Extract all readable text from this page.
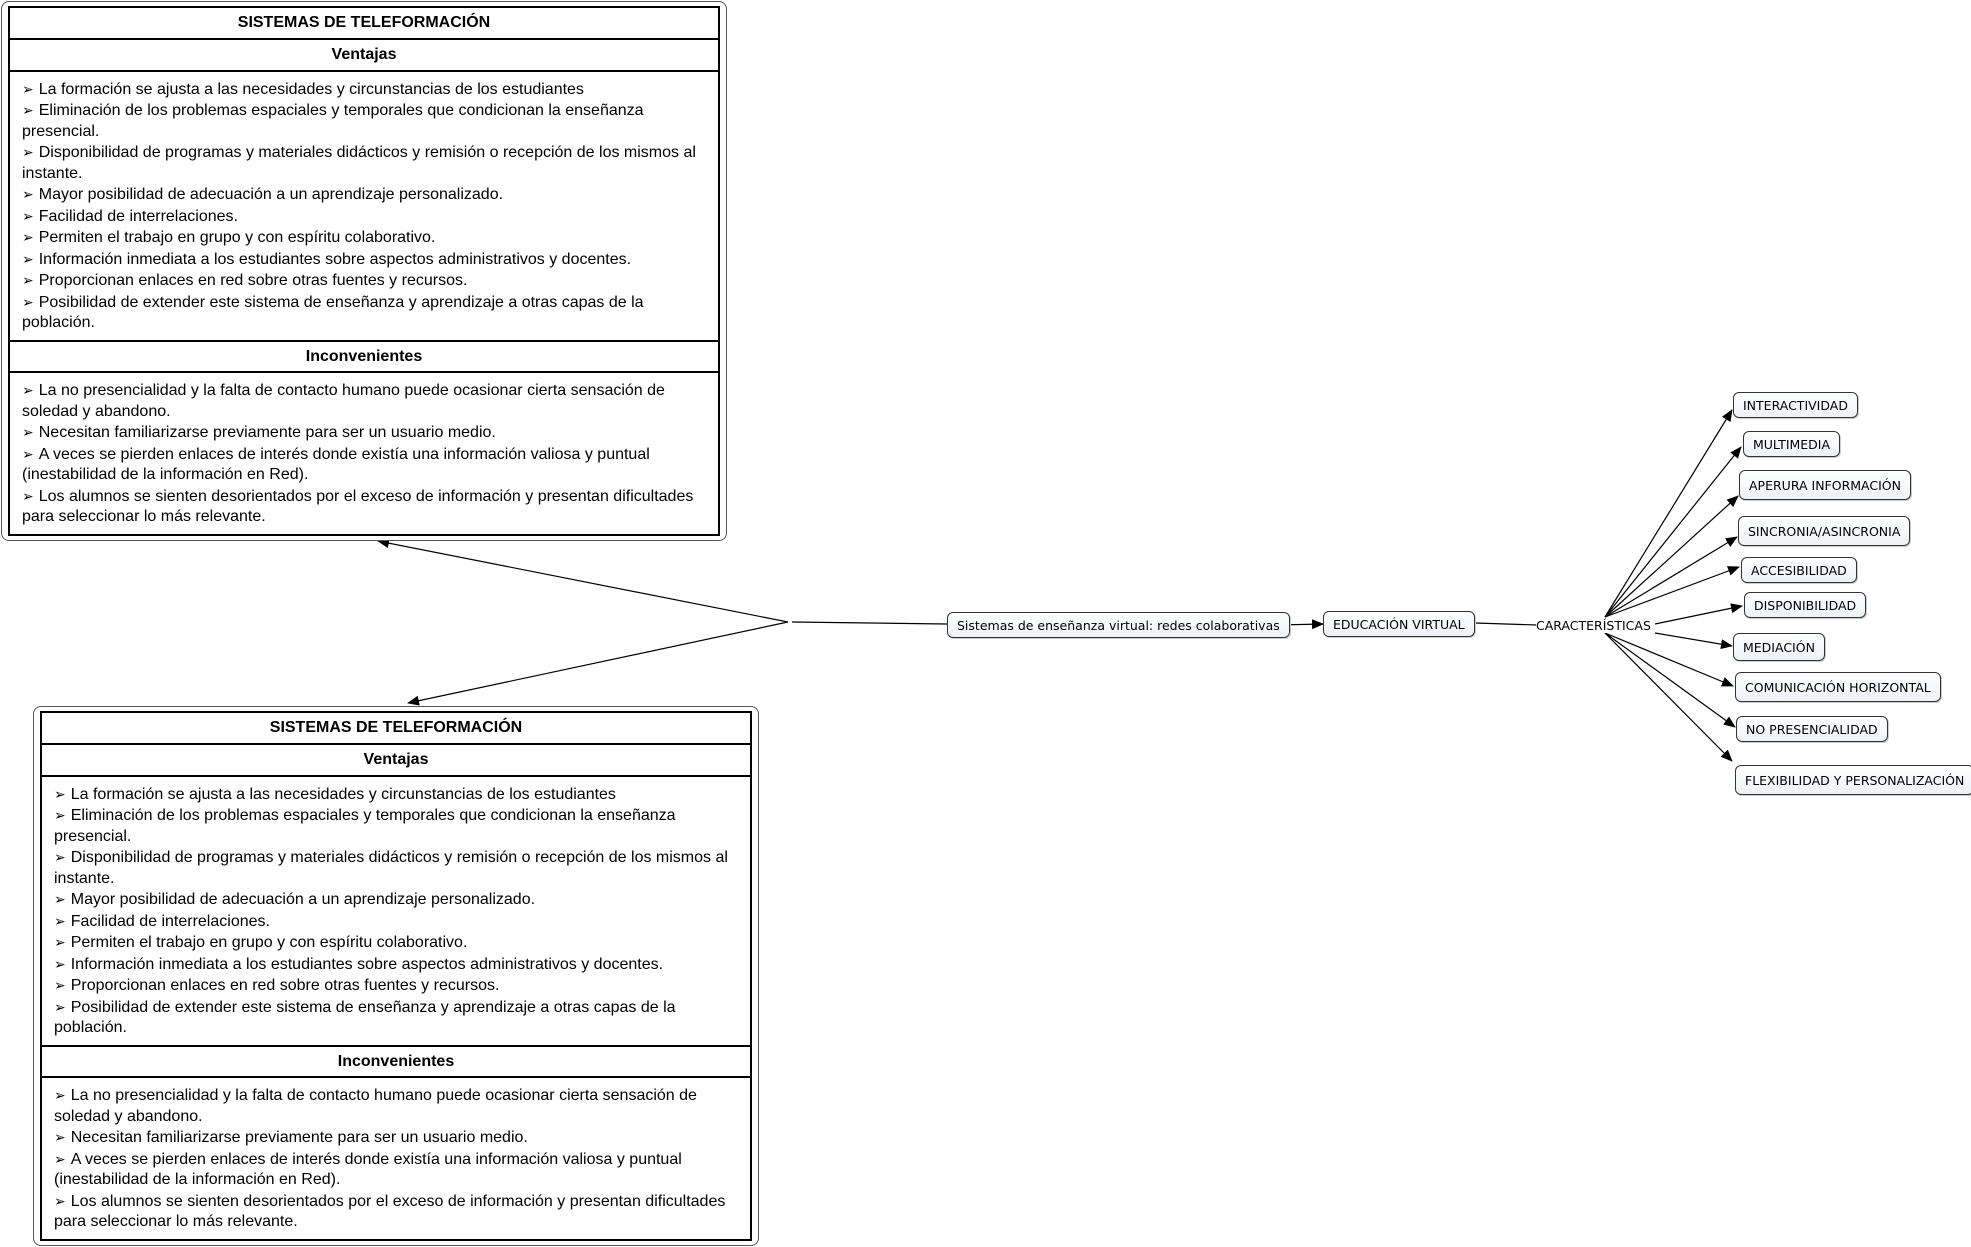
SISTEMAS DE TELEFORMACIÓN
Ventajas

➢ La formación se ajusta a las necesidades y circunstancias de los estudiantes

➢ Eliminación de los problemas espaciales y temporales que condicionan la enseñanza presencial.

➢ Disponibilidad de programas y materiales didácticos y remisión o recepción de los mismos al instante.

➢ Mayor posibilidad de adecuación a un aprendizaje personalizado.

➢ Facilidad de interrelaciones.

➢ Permiten el trabajo en grupo y con espíritu colaborativo.

➢ Información inmediata a los estudiantes sobre aspectos administrativos y docentes.

➢ Proporcionan enlaces en red sobre otras fuentes y recursos.

➢ Posibilidad de extender este sistema de enseñanza y aprendizaje a otras capas de la población.

Inconvenientes

➢ La no presencialidad y la falta de contacto humano puede ocasionar cierta sensación de soledad y abandono.

➢ Necesitan familiarizarse previamente para ser un usuario medio.

➢ A veces se pierden enlaces de interés donde existía una información valiosa y puntual (inestabilidad de la información en Red).

➢ Los alumnos se sienten desorientados por el exceso de información y presentan dificultades para seleccionar lo más relevante.

SISTEMAS DE TELEFORMACIÓN
Ventajas

➢ La formación se ajusta a las necesidades y circunstancias de los estudiantes

➢ Eliminación de los problemas espaciales y temporales que condicionan la enseñanza presencial.

➢ Disponibilidad de programas y materiales didácticos y remisión o recepción de los mismos al instante.

➢ Mayor posibilidad de adecuación a un aprendizaje personalizado.

➢ Facilidad de interrelaciones.

➢ Permiten el trabajo en grupo y con espíritu colaborativo.

➢ Información inmediata a los estudiantes sobre aspectos administrativos y docentes.

➢ Proporcionan enlaces en red sobre otras fuentes y recursos.

➢ Posibilidad de extender este sistema de enseñanza y aprendizaje a otras capas de la población.

Inconvenientes

➢ La no presencialidad y la falta de contacto humano puede ocasionar cierta sensación de soledad y abandono.

➢ Necesitan familiarizarse previamente para ser un usuario medio.

➢ A veces se pierden enlaces de interés donde existía una información valiosa y puntual (inestabilidad de la información en Red).

➢ Los alumnos se sienten desorientados por el exceso de información y presentan dificultades para seleccionar lo más relevante.

Sistemas de enseñanza virtual: redes colaborativas	EDUCACIÓN VIRTUAL	CARACTERÍSTICAS
INTERACTIVIDAD
MULTIMEDIA
APERURA INFORMACIÓN
SINCRONIA/ASINCRONIA
ACCESIBILIDAD
DISPONIBILIDAD
MEDIACIÓN
COMUNICACIÓN HORIZONTAL
NO PRESENCIALIDAD
FLEXIBILIDAD Y PERSONALIZACIÓN
